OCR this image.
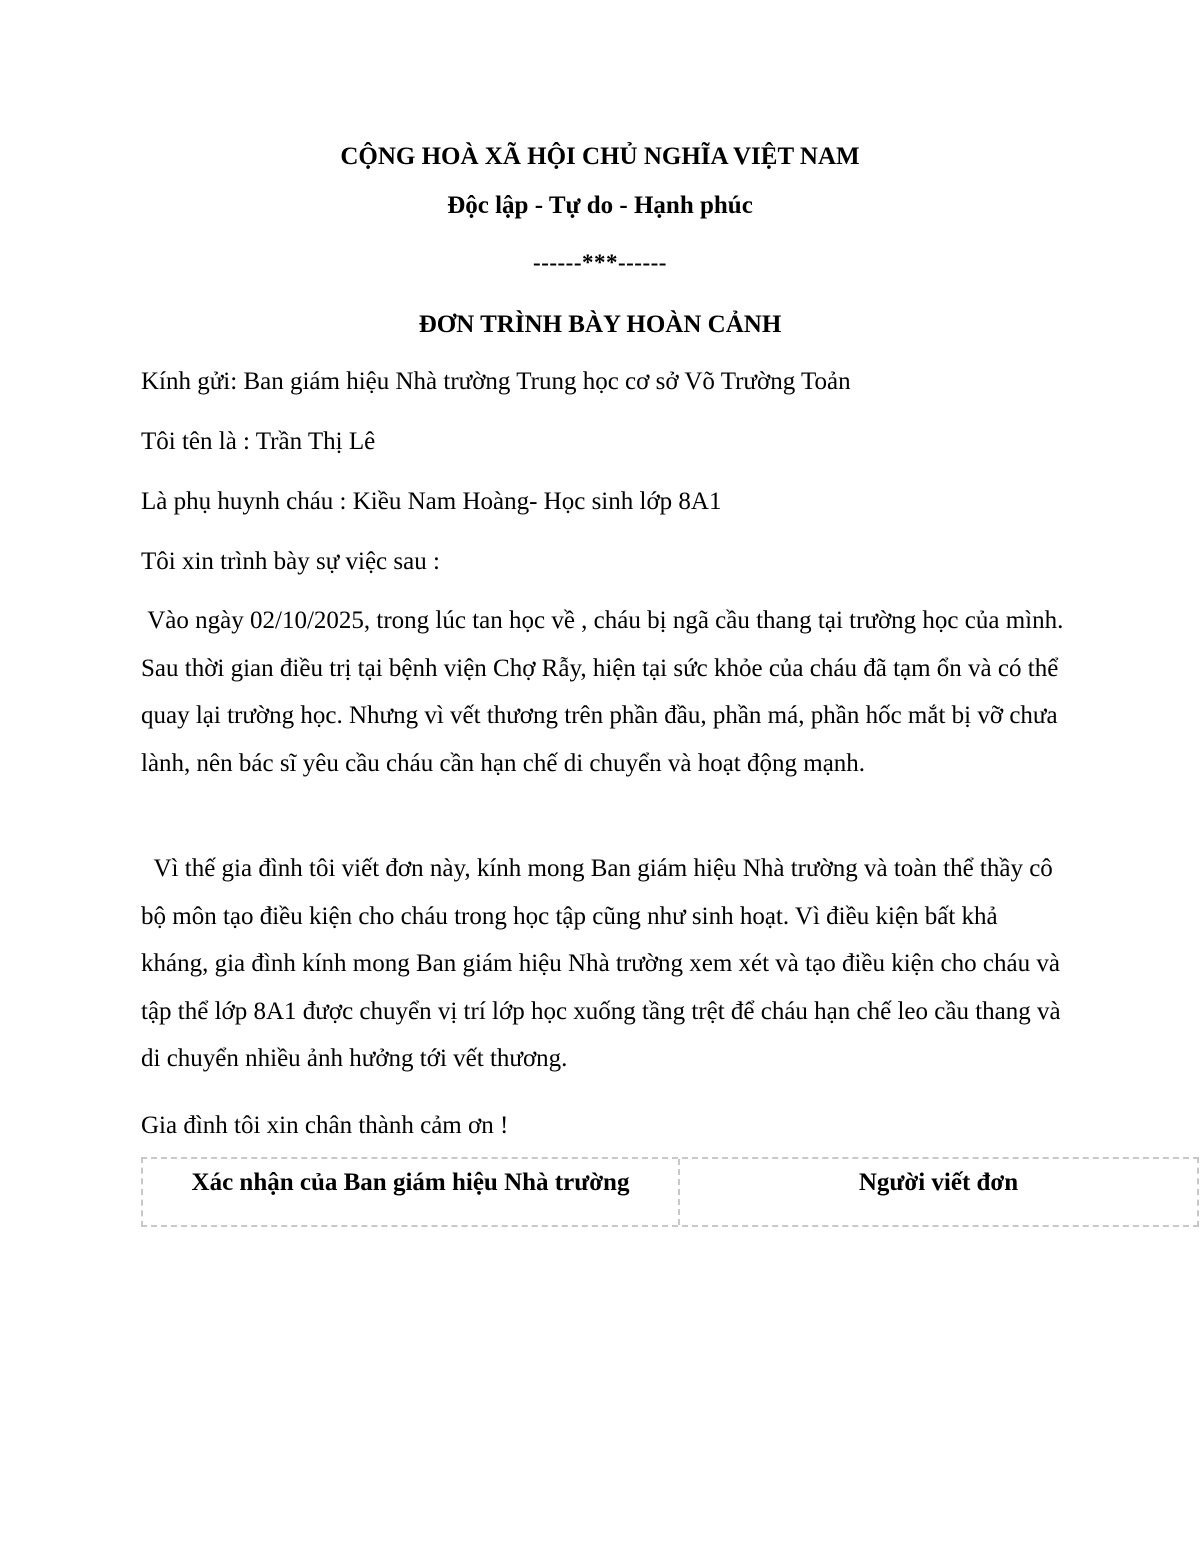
CỘNG HOÀ XÃ HỘI CHỦ NGHĨA VIỆT NAM
Độc lập - Tự do - Hạnh phúc
------***------
ĐƠN TRÌNH BÀY HOÀN CẢNH
Kính gửi: Ban giám hiệu Nhà trường Trung học cơ sở Võ Trường Toản
Tôi tên là : Trần Thị Lê
Là phụ huynh cháu : Kiều Nam Hoàng- Học sinh lớp 8A1
Tôi xin trình bày sự việc sau :

Vào ngày 02/10/2025, trong lúc tan học về , cháu bị ngã cầu thang tại trường học của mình. Sau thời gian điều trị tại bệnh viện Chợ Rẫy, hiện tại sức khỏe của cháu đã tạm ổn và có thể quay lại trường học. Nhưng vì vết thương trên phần đầu, phần má, phần hốc mắt bị vỡ chưa lành, nên bác sĩ yêu cầu cháu cần hạn chế di chuyển và hoạt động mạnh.

Vì thế gia đình tôi viết đơn này, kính mong Ban giám hiệu Nhà trường và toàn thể thầy cô bộ môn tạo điều kiện cho cháu trong học tập cũng như sinh hoạt. Vì điều kiện bất khả kháng, gia đình kính mong Ban giám hiệu Nhà trường xem xét và tạo điều kiện cho cháu và tập thể lớp 8A1 được chuyển vị trí lớp học xuống tầng trệt để cháu hạn chế leo cầu thang và di chuyển nhiều ảnh hưởng tới vết thương.

Gia đình tôi xin chân thành cảm ơn !

Xác nhận của Ban giám hiệu Nhà trường	Người viết đơn
